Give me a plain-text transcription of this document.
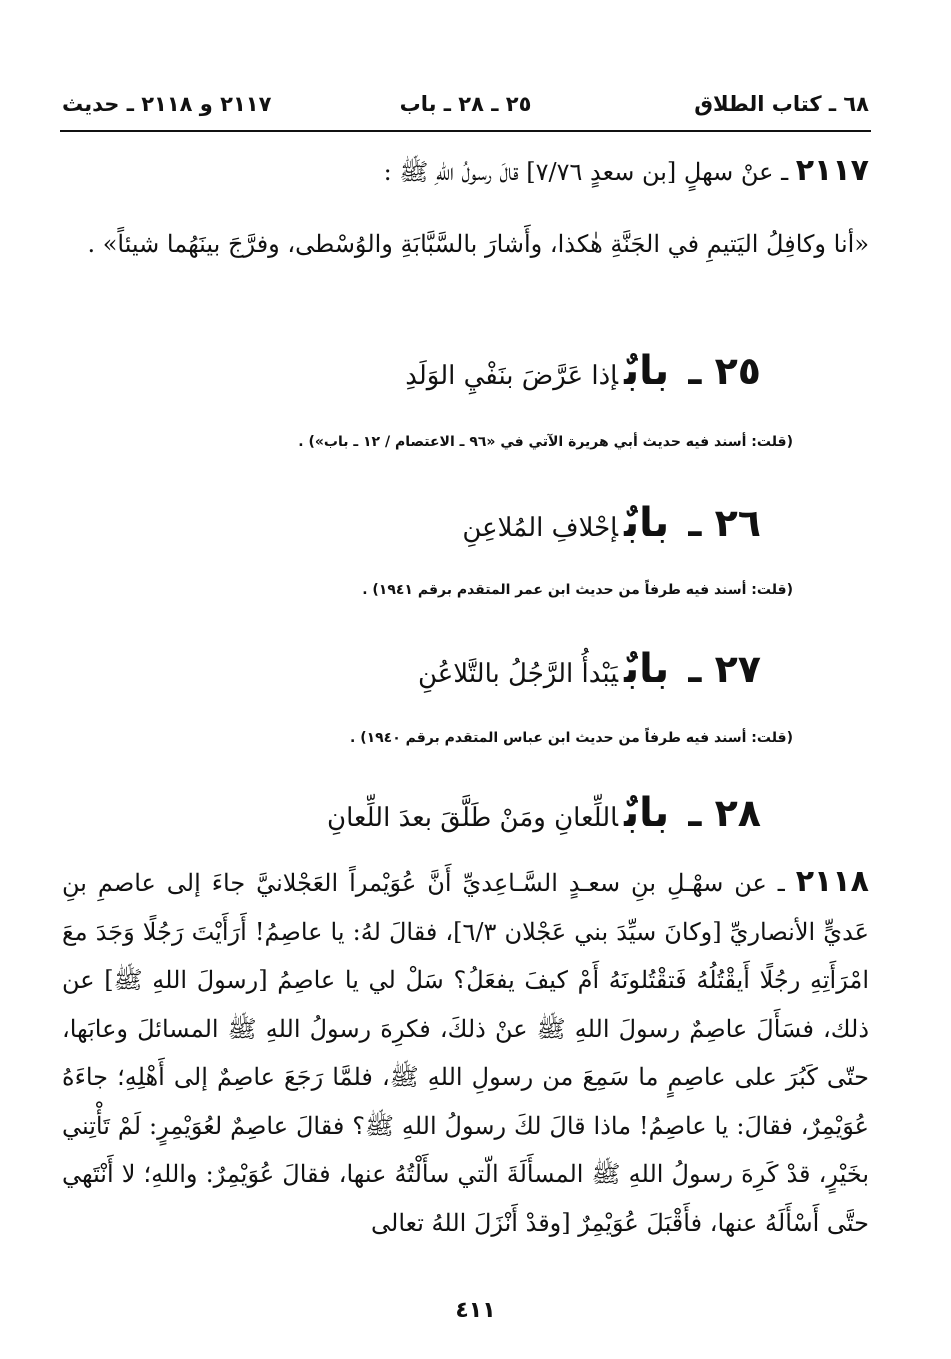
٦٨ ـ كتاب الطلاق
٢٥ ـ ٢٨ ـ باب
٢١١٧ و ٢١١٨ ـ حديث
٢١١٧ ـ عنْ سهلٍ [بن سعدٍ ٧/٧٦] قالَ رسولُ اللهِ ﷺ :
«أنا وكافِلُ اليَتيمِ في الجَنَّةِ هٰكذا، وأَشارَ بالسَّبَّابَةِ والوُسْطى، وفرَّجَ بينَهُما شيئاً» .
٢٥ ـ بابٌإذا عَرَّضَ بنَفْيِ الوَلَدِ
(قلت: أسند فيه حديث أبي هريرة الآتي في «٩٦ ـ الاعتصام / ١٢ ـ باب») .
٢٦ ـ بابٌإحْلافِ المُلاعِنِ
(قلت: أسند فيه طرفاً من حديث ابن عمر المتقدم برقم ١٩٤١) .
٢٧ ـ بابٌيَبْدأُ الرَّجُلُ بالتَّلاعُنِ
(قلت: أسند فيه طرفاً من حديث ابن عباس المتقدم برقم ١٩٤٠) .
٢٨ ـ بابٌاللِّعانِ ومَنْ طَلَّقَ بعدَ اللِّعانِ
٢١١٨ ـ عن سهْـلِ بنِ سعـدٍ السَّـاعِديِّ أَنَّ عُوَيْمراً العَجْلانيَّ جاءَ إلى عاصمِ بنِ عَديٍّ الأنصاريِّ [وكانَ سيِّدَ بني عَجْلان ٦/٣]، فقالَ لهُ: يا عاصِمُ! أَرَأَيْتَ رَجُلًا وَجَدَ معَ امْرَأَتِهِ رجُلًا أَيقْتُلُهُ فَتقْتُلونَهُ أَمْ كيفَ يفعَلُ؟ سَلْ لي يا عاصِمُ [رسولَ اللهِ ﷺ] عن ذلك، فسَأَلَ عاصِمٌ رسولَ اللهِ ﷺ عنْ ذلكَ، فكرِهَ رسولُ اللهِ ﷺ المسائلَ وعابَها، حتّى كَبُرَ على عاصِمٍ ما سَمِعَ من رسولِ اللهِ ﷺ، فلمَّا رَجَعَ عاصِمٌ إلى أَهْلِهِ؛ جاءَهُ عُوَيْمِرٌ، فقالَ: يا عاصِمُ! ماذا قالَ لكَ رسولُ اللهِ ﷺ؟ فقالَ عاصِمٌ لعُوَيْمِرٍ: لَمْ تَأْتِني بخَيْرٍ، قدْ كَرِهَ رسولُ اللهِ ﷺ المسأَلَةَ الّتي سأَلْتُهُ عنها، فقالَ عُوَيْمِرٌ: واللهِ؛ لا أَنْتَهي حتَّى أَسْأَلَهُ عنها، فأَقْبَلَ عُوَيْمِرٌ [وقدْ أَنْزَلَ اللهُ تعالى
٤١١
